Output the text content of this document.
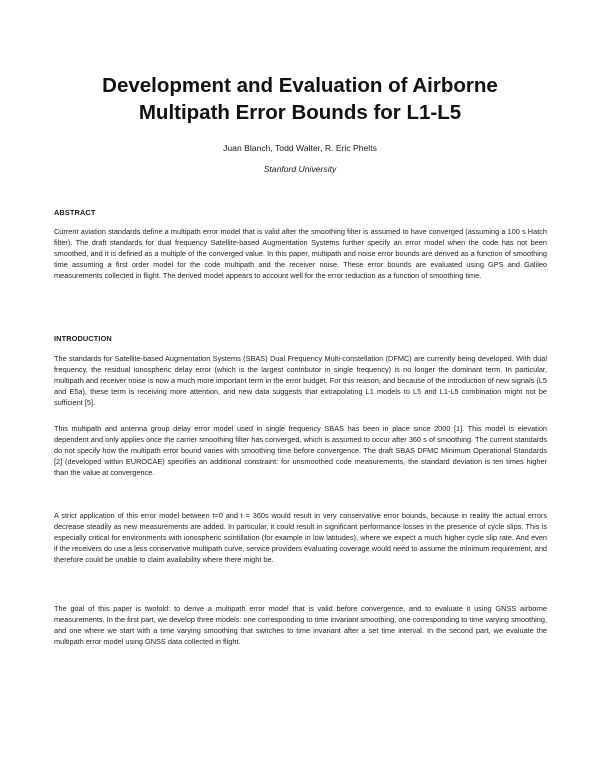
Development and Evaluation of Airborne
Multipath Error Bounds for L1-L5
Juan Blanch, Todd Walter, R. Eric Phelts
Stanford University
ABSTRACT
Current aviation standards define a multipath error model that is valid after the smoothing filter is assumed to have converged (assuming a 100 s Hatch filter). The draft standards for dual frequency Satellite-based Augmentation Systems further specify an error model when the code has not been smoothed, and it is defined as a multiple of the converged value. In this paper, multipath and noise error bounds are derived as a function of smoothing time assuming a first order model for the code multipath and the receiver noise. These error bounds are evaluated using GPS and Galileo measurements collected in flight. The derived model appears to account well for the error reduction as a function of smoothing time.
INTRODUCTION
The standards for Satellite-based Augmentation Systems (SBAS) Dual Frequency Multi-constellation (DFMC) are currently being developed. With dual frequency, the residual ionospheric delay error (which is the largest contributor in single frequency) is no longer the dominant term. In particular, multipath and receiver noise is now a much more important term in the error budget. For this reason, and because of the introduction of new signals (L5 and E5a), these term is receiving more attention, and new data suggests that extrapolating L1 models to L5 and L1-L5 combination might not be sufficient [5].
This multipath and antenna group delay error model used in single frequency SBAS has been in place since 2000 [1]. This model is elevation dependent and only applies once the carrier smoothing filter has converged, which is assumed to occur after 360 s of smoothing. The current standards do not specify how the multipath error bound varies with smoothing time before convergence. The draft SBAS DFMC Minimum Operational Standards [2] (developed within EUROCAE) specifies an additional constraint: for unsmoothed code measurements, the standard deviation is ten times higher than the value at convergence.
A strict application of this error model between t=0 and t = 360s would result in very conservative error bounds, because in reality the actual errors decrease steadily as new measurements are added. In particular, it could result in significant performance losses in the presence of cycle slips. This is especially critical for environments with ionospheric scintillation (for example in low latitudes), where we expect a much higher cycle slip rate. And even if the receivers do use a less conservative multipath curve, service providers evaluating coverage would need to assume the minimum requirement, and therefore could be unable to claim availability where there might be.
The goal of this paper is twofold: to derive a multipath error model that is valid before convergence, and to evaluate it using GNSS airborne measurements. In the first part, we develop three models: one corresponding to time invariant smoothing, one corresponding to time varying smoothing, and one where we start with a time varying smoothing that switches to time invariant after a set time interval. In the second part, we evaluate the multipath error model using GNSS data collected in flight.
